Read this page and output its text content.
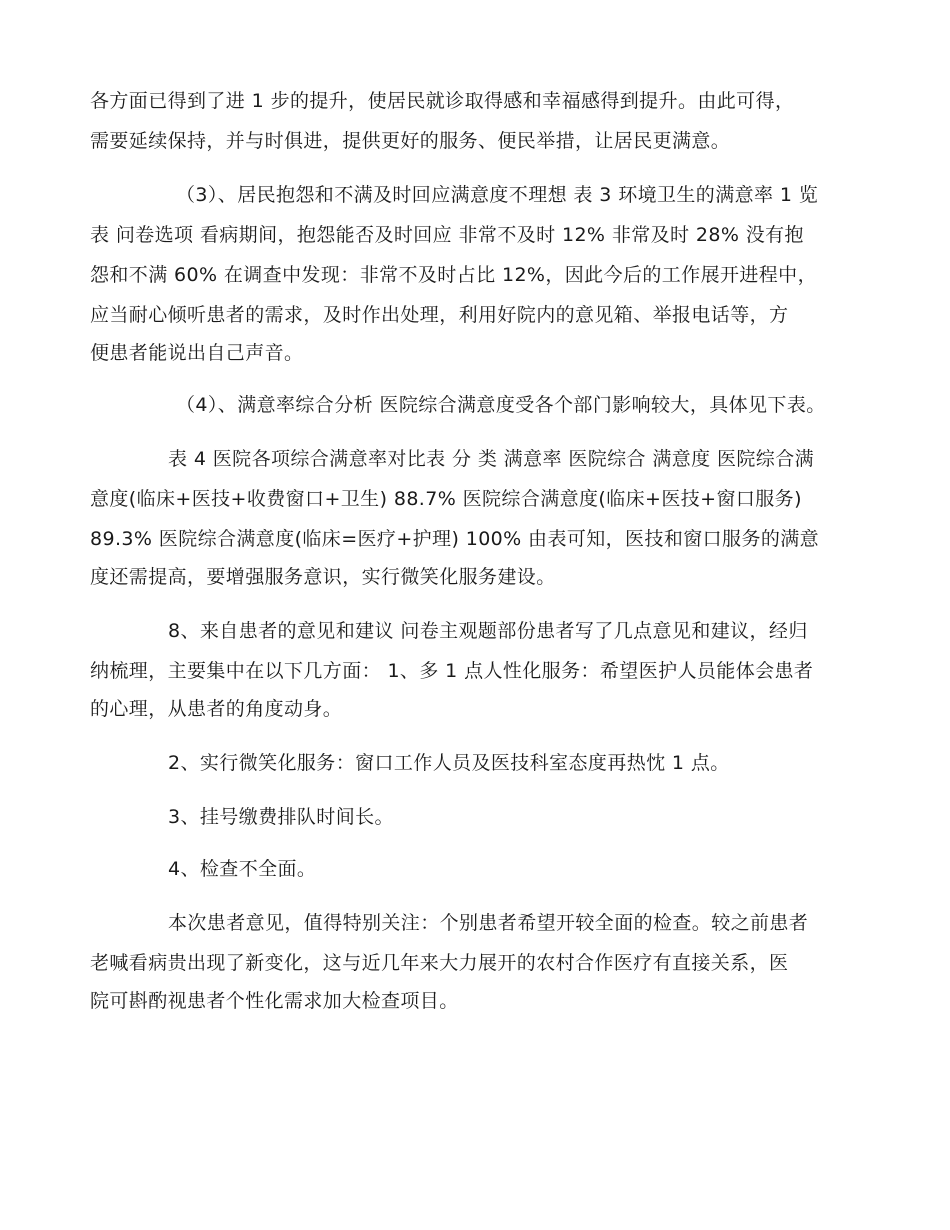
各方面已得到了进 1 步的提升，使居民就诊取得感和幸福感得到提升。由此可得，
需要延续保持，并与时俱进，提供更好的服务、便民举措，让居民更满意。
（3）、居民抱怨和不满及时回应满意度不理想 表 3 环境卫生的满意率 1 览
表 问卷选项 看病期间，抱怨能否及时回应 非常不及时 12% 非常及时 28% 没有抱
怨和不满 60% 在调查中发现：非常不及时占比 12%，因此今后的工作展开进程中，
应当耐心倾听患者的需求，及时作出处理，利用好院内的意见箱、举报电话等，方
便患者能说出自己声音。
（4）、满意率综合分析 医院综合满意度受各个部门影响较大，具体见下表。
表 4 医院各项综合满意率对比表 分 类 满意率 医院综合 满意度 医院综合满
意度(临床+医技+收费窗口+卫生) 88.7% 医院综合满意度(临床+医技+窗口服务)
89.3% 医院综合满意度(临床=医疗+护理) 100% 由表可知，医技和窗口服务的满意
度还需提高，要增强服务意识，实行微笑化服务建设。
8、来自患者的意见和建议 问卷主观题部份患者写了几点意见和建议，经归
纳梳理，主要集中在以下几方面： 1、多 1 点人性化服务：希望医护人员能体会患者
的心理，从患者的角度动身。
2、实行微笑化服务：窗口工作人员及医技科室态度再热忱 1 点。
3、挂号缴费排队时间长。
4、检查不全面。
本次患者意见，值得特别关注：个别患者希望开较全面的检查。较之前患者
老喊看病贵出现了新变化，这与近几年来大力展开的农村合作医疗有直接关系，医
院可斟酌视患者个性化需求加大检查项目。
